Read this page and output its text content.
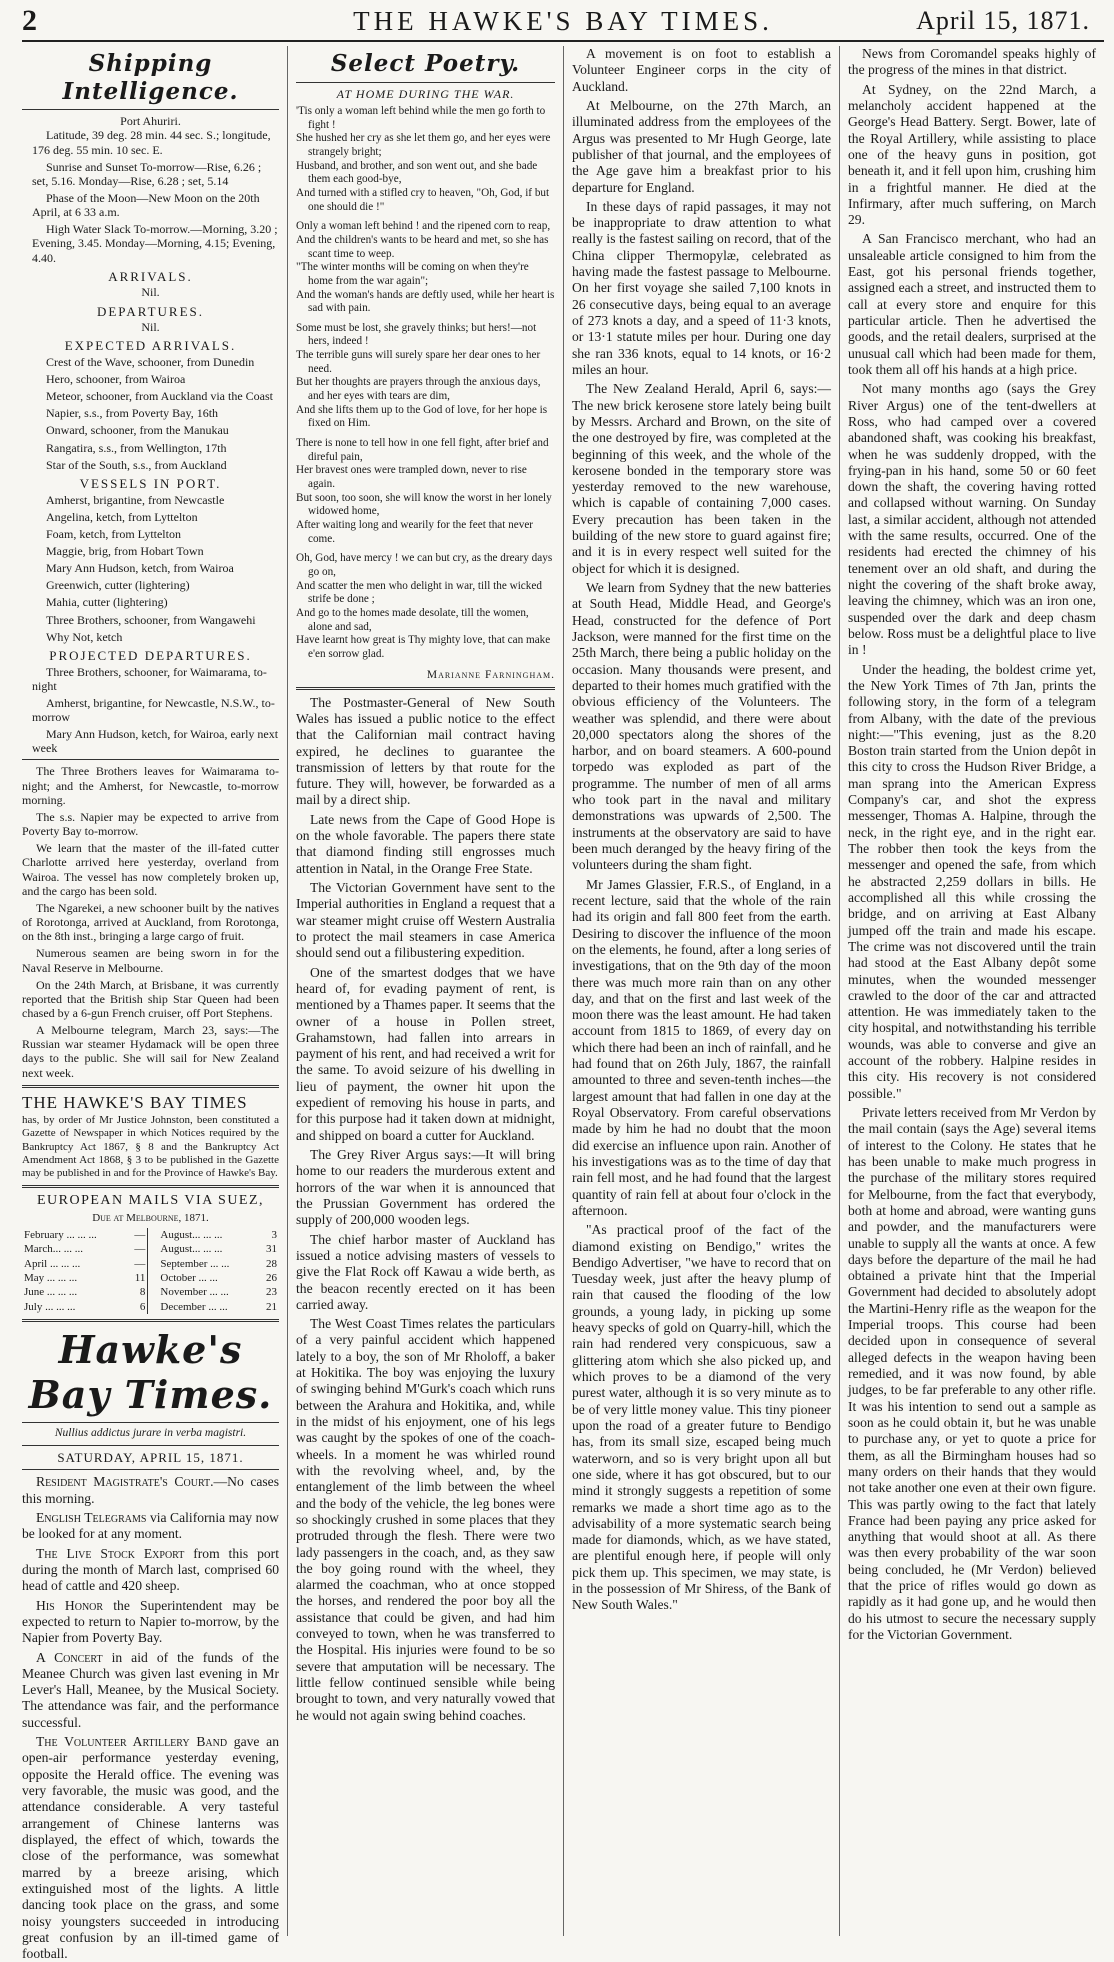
2	THE HAWKE'S BAY TIMES.	April 15, 1871.
Shipping Intelligence.
Port Ahuriri.

Latitude, 39 deg. 28 min. 44 sec. S.; longitude, 176 deg. 55 min. 10 sec. E.

Sunrise and Sunset To-morrow—Rise, 6.26 ; set, 5.16. Monday—Rise, 6.28 ; set, 5.14

Phase of the Moon—New Moon on the 20th April, at 6 33 a.m.

High Water Slack To-morrow.—Morning, 3.20 ; Evening, 3.45. Monday—Morning, 4.15; Evening, 4.40.

ARRIVALS.
Nil.
DEPARTURES.
Nil.
EXPECTED ARRIVALS.

Crest of the Wave, schooner, from Dunedin

Hero, schooner, from Wairoa

Meteor, schooner, from Auckland via the Coast

Napier, s.s., from Poverty Bay, 16th

Onward, schooner, from the Manukau

Rangatira, s.s., from Wellington, 17th

Star of the South, s.s., from Auckland

VESSELS IN PORT.

Amherst, brigantine, from Newcastle

Angelina, ketch, from Lyttelton

Foam, ketch, from Lyttelton

Maggie, brig, from Hobart Town

Mary Ann Hudson, ketch, from Wairoa

Greenwich, cutter (lightering)

Mahia, cutter (lightering)

Three Brothers, schooner, from Wangawehi

Why Not, ketch

PROJECTED DEPARTURES.

Three Brothers, schooner, for Waimarama, to-night

Amherst, brigantine, for Newcastle, N.S.W., to-morrow

Mary Ann Hudson, ketch, for Wairoa, early next week

The Three Brothers leaves for Waimarama to-night; and the Amherst, for Newcastle, to-morrow morning.

The s.s. Napier may be expected to arrive from Poverty Bay to-morrow.

We learn that the master of the ill-fated cutter Charlotte arrived here yesterday, overland from Wairoa. The vessel has now completely broken up, and the cargo has been sold.

The Ngarekei, a new schooner built by the natives of Rorotonga, arrived at Auckland, from Rorotonga, on the 8th inst., bringing a large cargo of fruit.

Numerous seamen are being sworn in for the Naval Reserve in Melbourne.

On the 24th March, at Brisbane, it was currently reported that the British ship Star Queen had been chased by a 6-gun French cruiser, off Port Stephens.

A Melbourne telegram, March 23, says:—The Russian war steamer Hydamack will be open three days to the public. She will sail for New Zealand next week.

THE HAWKE'S BAY TIMES
has, by order of Mr Justice Johnston, been constituted a Gazette of Newspaper in which Notices required by the Bankruptcy Act 1867, § 8 and the Bankruptcy Act Amendment Act 1868, § 3 to be published in the Gazette may be published in and for the Province of Hawke's Bay.
EUROPEAN MAILS VIA SUEZ,
Due at Melbourne, 1871.
February ... ... ...	—		August... ... ...	3
March... ... ...	—		August... ... ...	31
April ... ... ...	—		September ... ...	28
May ... ... ...	11		October ... ...	26
June ... ... ...	8		November ... ...	23
July ... ... ...	6		December ... ...	21
Hawke's Bay Times.
Nullius addictus jurare in verba magistri.
SATURDAY, APRIL 15, 1871.

Resident Magistrate's Court.—No cases this morning.

English Telegrams via California may now be looked for at any moment.

The Live Stock Export from this port during the month of March last, comprised 60 head of cattle and 420 sheep.

His Honor the Superintendent may be expected to return to Napier to-morrow, by the Napier from Poverty Bay.

A Concert in aid of the funds of the Meanee Church was given last evening in Mr Lever's Hall, Meanee, by the Musical Society. The attendance was fair, and the performance successful.

The Volunteer Artillery Band gave an open-air performance yesterday evening, opposite the Herald office. The evening was very favorable, the music was good, and the attendance considerable. A very tasteful arrangement of Chinese lanterns was displayed, the effect of which, towards the close of the performance, was somewhat marred by a breeze arising, which extinguished most of the lights. A little dancing took place on the grass, and some noisy youngsters succeeded in introducing great confusion by an ill-timed game of football.

Select Poetry.
AT HOME DURING THE WAR.

'Tis only a woman left behind while the men go forth to fight !

She hushed her cry as she let them go, and her eyes were strangely bright;

Husband, and brother, and son went out, and she bade them each good-bye,

And turned with a stifled cry to heaven, "Oh, God, if but one should die !"

Only a woman left behind ! and the ripened corn to reap,

And the children's wants to be heard and met, so she has scant time to weep.

"The winter months will be coming on when they're home from the war again";

And the woman's hands are deftly used, while her heart is sad with pain.

Some must be lost, she gravely thinks; but hers!—not hers, indeed !

The terrible guns will surely spare her dear ones to her need.

But her thoughts are prayers through the anxious days, and her eyes with tears are dim,

And she lifts them up to the God of love, for her hope is fixed on Him.

There is none to tell how in one fell fight, after brief and direful pain,

Her bravest ones were trampled down, never to rise again.

But soon, too soon, she will know the worst in her lonely widowed home,

After waiting long and wearily for the feet that never come.

Oh, God, have mercy ! we can but cry, as the dreary days go on,

And scatter the men who delight in war, till the wicked strife be done ;

And go to the homes made desolate, till the women, alone and sad,

Have learnt how great is Thy mighty love, that can make e'en sorrow glad.

Marianne Farningham.

The Postmaster-General of New South Wales has issued a public notice to the effect that the Californian mail contract having expired, he declines to guarantee the transmission of letters by that route for the future. They will, however, be forwarded as a mail by a direct ship.

Late news from the Cape of Good Hope is on the whole favorable. The papers there state that diamond finding still engrosses much attention in Natal, in the Orange Free State.

The Victorian Government have sent to the Imperial authorities in England a request that a war steamer might cruise off Western Australia to protect the mail steamers in case America should send out a filibustering expedition.

One of the smartest dodges that we have heard of, for evading payment of rent, is mentioned by a Thames paper. It seems that the owner of a house in Pollen street, Grahamstown, had fallen into arrears in payment of his rent, and had received a writ for the same. To avoid seizure of his dwelling in lieu of payment, the owner hit upon the expedient of removing his house in parts, and for this purpose had it taken down at midnight, and shipped on board a cutter for Auckland.

The Grey River Argus says:—It will bring home to our readers the murderous extent and horrors of the war when it is announced that the Prussian Government has ordered the supply of 200,000 wooden legs.

The chief harbor master of Auckland has issued a notice advising masters of vessels to give the Flat Rock off Kawau a wide berth, as the beacon recently erected on it has been carried away.

The West Coast Times relates the particulars of a very painful accident which happened lately to a boy, the son of Mr Rholoff, a baker at Hokitika. The boy was enjoying the luxury of swinging behind M'Gurk's coach which runs between the Arahura and Hokitika, and, while in the midst of his enjoyment, one of his legs was caught by the spokes of one of the coach-wheels. In a moment he was whirled round with the revolving wheel, and, by the entanglement of the limb between the wheel and the body of the vehicle, the leg bones were so shockingly crushed in some places that they protruded through the flesh. There were two lady passengers in the coach, and, as they saw the boy going round with the wheel, they alarmed the coachman, who at once stopped the horses, and rendered the poor boy all the assistance that could be given, and had him conveyed to town, when he was transferred to the Hospital. His injuries were found to be so severe that amputation will be necessary. The little fellow continued sensible while being brought to town, and very naturally vowed that he would not again swing behind coaches.

A movement is on foot to establish a Volunteer Engineer corps in the city of Auckland.

At Melbourne, on the 27th March, an illuminated address from the employees of the Argus was presented to Mr Hugh George, late publisher of that journal, and the employees of the Age gave him a breakfast prior to his departure for England.

In these days of rapid passages, it may not be inappropriate to draw attention to what really is the fastest sailing on record, that of the China clipper Thermopylæ, celebrated as having made the fastest passage to Melbourne. On her first voyage she sailed 7,100 knots in 26 consecutive days, being equal to an average of 273 knots a day, and a speed of 11·3 knots, or 13·1 statute miles per hour. During one day she ran 336 knots, equal to 14 knots, or 16·2 miles an hour.

The New Zealand Herald, April 6, says:—The new brick kerosene store lately being built by Messrs. Archard and Brown, on the site of the one destroyed by fire, was completed at the beginning of this week, and the whole of the kerosene bonded in the temporary store was yesterday removed to the new warehouse, which is capable of containing 7,000 cases. Every precaution has been taken in the building of the new store to guard against fire; and it is in every respect well suited for the object for which it is designed.

We learn from Sydney that the new batteries at South Head, Middle Head, and George's Head, constructed for the defence of Port Jackson, were manned for the first time on the 25th March, there being a public holiday on the occasion. Many thousands were present, and departed to their homes much gratified with the obvious efficiency of the Volunteers. The weather was splendid, and there were about 20,000 spectators along the shores of the harbor, and on board steamers. A 600-pound torpedo was exploded as part of the programme. The number of men of all arms who took part in the naval and military demonstrations was upwards of 2,500. The instruments at the observatory are said to have been much deranged by the heavy firing of the volunteers during the sham fight.

Mr James Glassier, F.R.S., of England, in a recent lecture, said that the whole of the rain had its origin and fall 800 feet from the earth. Desiring to discover the influence of the moon on the elements, he found, after a long series of investigations, that on the 9th day of the moon there was much more rain than on any other day, and that on the first and last week of the moon there was the least amount. He had taken account from 1815 to 1869, of every day on which there had been an inch of rainfall, and he had found that on 26th July, 1867, the rainfall amounted to three and seven-tenth inches—the largest amount that had fallen in one day at the Royal Observatory. From careful observations made by him he had no doubt that the moon did exercise an influence upon rain. Another of his investigations was as to the time of day that rain fell most, and he had found that the largest quantity of rain fell at about four o'clock in the afternoon.

"As practical proof of the fact of the diamond existing on Bendigo," writes the Bendigo Advertiser, "we have to record that on Tuesday week, just after the heavy plump of rain that caused the flooding of the low grounds, a young lady, in picking up some heavy specks of gold on Quarry-hill, which the rain had rendered very conspicuous, saw a glittering atom which she also picked up, and which proves to be a diamond of the very purest water, although it is so very minute as to be of very little money value. This tiny pioneer upon the road of a greater future to Bendigo has, from its small size, escaped being much waterworn, and so is very bright upon all but one side, where it has got obscured, but to our mind it strongly suggests a repetition of some remarks we made a short time ago as to the advisability of a more systematic search being made for diamonds, which, as we have stated, are plentiful enough here, if people will only pick them up. This specimen, we may state, is in the possession of Mr Shiress, of the Bank of New South Wales."

News from Coromandel speaks highly of the progress of the mines in that district.

At Sydney, on the 22nd March, a melancholy accident happened at the George's Head Battery. Sergt. Bower, late of the Royal Artillery, while assisting to place one of the heavy guns in position, got beneath it, and it fell upon him, crushing him in a frightful manner. He died at the Infirmary, after much suffering, on March 29.

A San Francisco merchant, who had an unsaleable article consigned to him from the East, got his personal friends together, assigned each a street, and instructed them to call at every store and enquire for this particular article. Then he advertised the goods, and the retail dealers, surprised at the unusual call which had been made for them, took them all off his hands at a high price.

Not many months ago (says the Grey River Argus) one of the tent-dwellers at Ross, who had camped over a covered abandoned shaft, was cooking his breakfast, when he was suddenly dropped, with the frying-pan in his hand, some 50 or 60 feet down the shaft, the covering having rotted and collapsed without warning. On Sunday last, a similar accident, although not attended with the same results, occurred. One of the residents had erected the chimney of his tenement over an old shaft, and during the night the covering of the shaft broke away, leaving the chimney, which was an iron one, suspended over the dark and deep chasm below. Ross must be a delightful place to live in !

Under the heading, the boldest crime yet, the New York Times of 7th Jan, prints the following story, in the form of a telegram from Albany, with the date of the previous night:—"This evening, just as the 8.20 Boston train started from the Union depôt in this city to cross the Hudson River Bridge, a man sprang into the American Express Company's car, and shot the express messenger, Thomas A. Halpine, through the neck, in the right eye, and in the right ear. The robber then took the keys from the messenger and opened the safe, from which he abstracted 2,259 dollars in bills. He accomplished all this while crossing the bridge, and on arriving at East Albany jumped off the train and made his escape. The crime was not discovered until the train had stood at the East Albany depôt some minutes, when the wounded messenger crawled to the door of the car and attracted attention. He was immediately taken to the city hospital, and notwithstanding his terrible wounds, was able to converse and give an account of the robbery. Halpine resides in this city. His recovery is not considered possible."

Private letters received from Mr Verdon by the mail contain (says the Age) several items of interest to the Colony. He states that he has been unable to make much progress in the purchase of the military stores required for Melbourne, from the fact that everybody, both at home and abroad, were wanting guns and powder, and the manufacturers were unable to supply all the wants at once. A few days before the departure of the mail he had obtained a private hint that the Imperial Government had decided to absolutely adopt the Martini-Henry rifle as the weapon for the Imperial troops. This course had been decided upon in consequence of several alleged defects in the weapon having been remedied, and it was now found, by able judges, to be far preferable to any other rifle. It was his intention to send out a sample as soon as he could obtain it, but he was unable to purchase any, or yet to quote a price for them, as all the Birmingham houses had so many orders on their hands that they would not take another one even at their own figure. This was partly owing to the fact that lately France had been paying any price asked for anything that would shoot at all. As there was then every probability of the war soon being concluded, he (Mr Verdon) believed that the price of rifles would go down as rapidly as it had gone up, and he would then do his utmost to secure the necessary supply for the Victorian Government.
